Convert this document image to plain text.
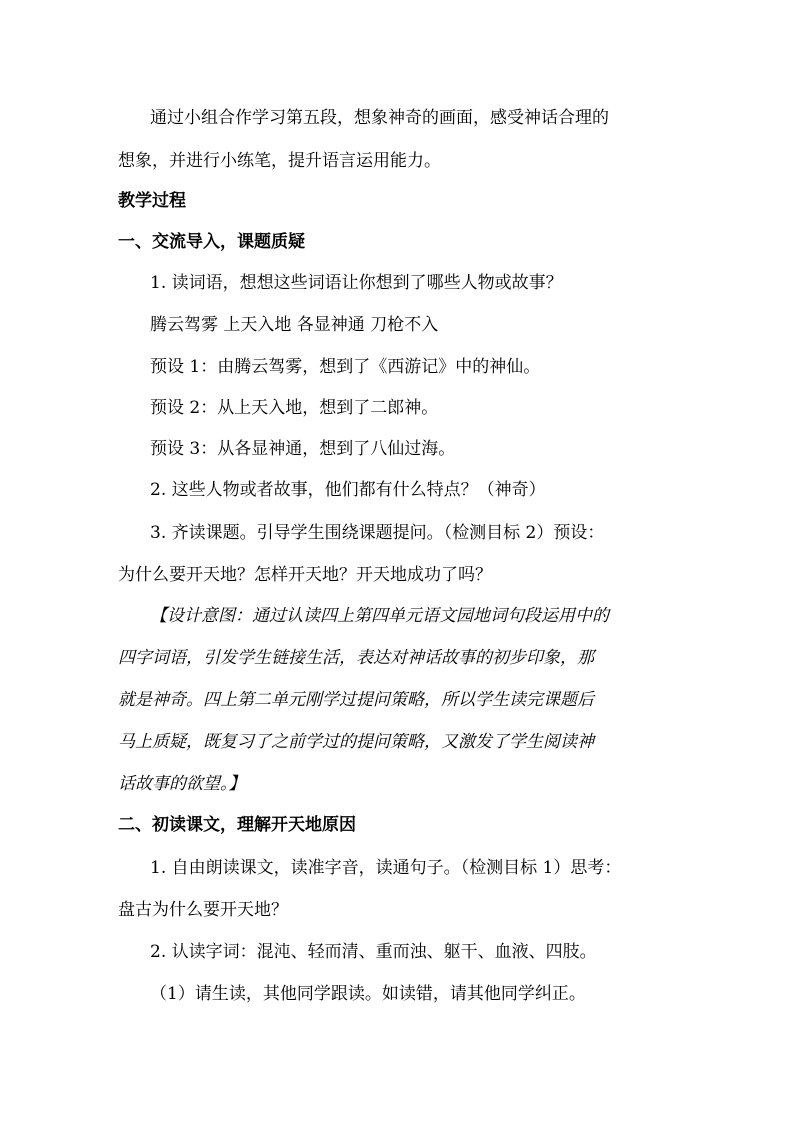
通过小组合作学习第五段，想象神奇的画面，感受神话合理的
想象，并进行小练笔，提升语言运用能力。
教学过程
一、交流导入，课题质疑
1. 读词语，想想这些词语让你想到了哪些人物或故事？
腾云驾雾 上天入地 各显神通 刀枪不入
预设 1：由腾云驾雾，想到了《西游记》中的神仙。
预设 2：从上天入地，想到了二郎神。
预设 3：从各显神通，想到了八仙过海。
2. 这些人物或者故事，他们都有什么特点？（神奇）
3. 齐读课题。引导学生围绕课题提问。（检测目标 2）预设：
为什么要开天地？怎样开天地？开天地成功了吗？
【设计意图：通过认读四上第四单元语文园地词句段运用中的
四字词语，引发学生链接生活，表达对神话故事的初步印象，那
就是神奇。四上第二单元刚学过提问策略，所以学生读完课题后
马上质疑，既复习了之前学过的提问策略，又激发了学生阅读神
话故事的欲望。】
二、初读课文，理解开天地原因
1. 自由朗读课文，读准字音，读通句子。（检测目标 1）思考：
盘古为什么要开天地？
2. 认读字词：混沌、轻而清、重而浊、躯干、血液、四肢。
（1）请生读，其他同学跟读。如读错，请其他同学纠正。
